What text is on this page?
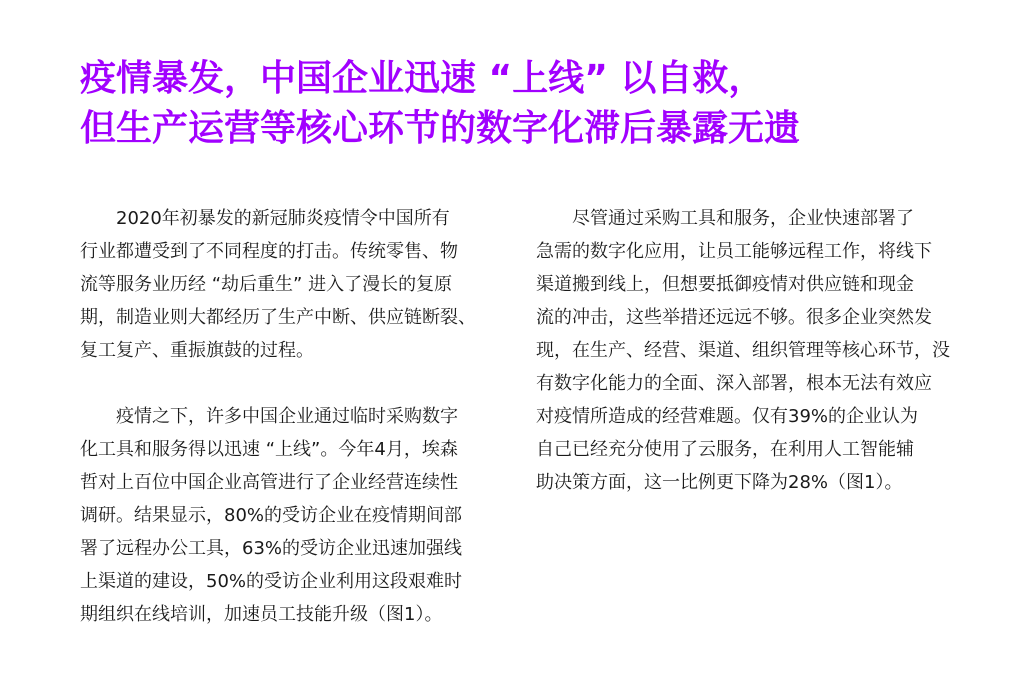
疫情暴发，中国企业迅速 “上线” 以自救，
但生产运营等核心环节的数字化滞后暴露无遗

2020年初暴发的新冠肺炎疫情令中国所有
行业都遭受到了不同程度的打击。传统零售、物
流等服务业历经 “劫后重生” 进入了漫长的复原
期，制造业则大都经历了生产中断、供应链断裂、
复工复产、重振旗鼓的过程。

疫情之下，许多中国企业通过临时采购数字
化工具和服务得以迅速 “上线”。今年4月，埃森
哲对上百位中国企业高管进行了企业经营连续性
调研。结果显示，80%的受访企业在疫情期间部
署了远程办公工具，63%的受访企业迅速加强线
上渠道的建设，50%的受访企业利用这段艰难时
期组织在线培训，加速员工技能升级（图1）。

尽管通过采购工具和服务，企业快速部署了
急需的数字化应用，让员工能够远程工作，将线下
渠道搬到线上，但想要抵御疫情对供应链和现金
流的冲击，这些举措还远远不够。很多企业突然发
现，在生产、经营、渠道、组织管理等核心环节，没
有数字化能力的全面、深入部署，根本无法有效应
对疫情所造成的经营难题。仅有39%的企业认为
自己已经充分使用了云服务，在利用人工智能辅
助决策方面，这一比例更下降为28%（图1）。
